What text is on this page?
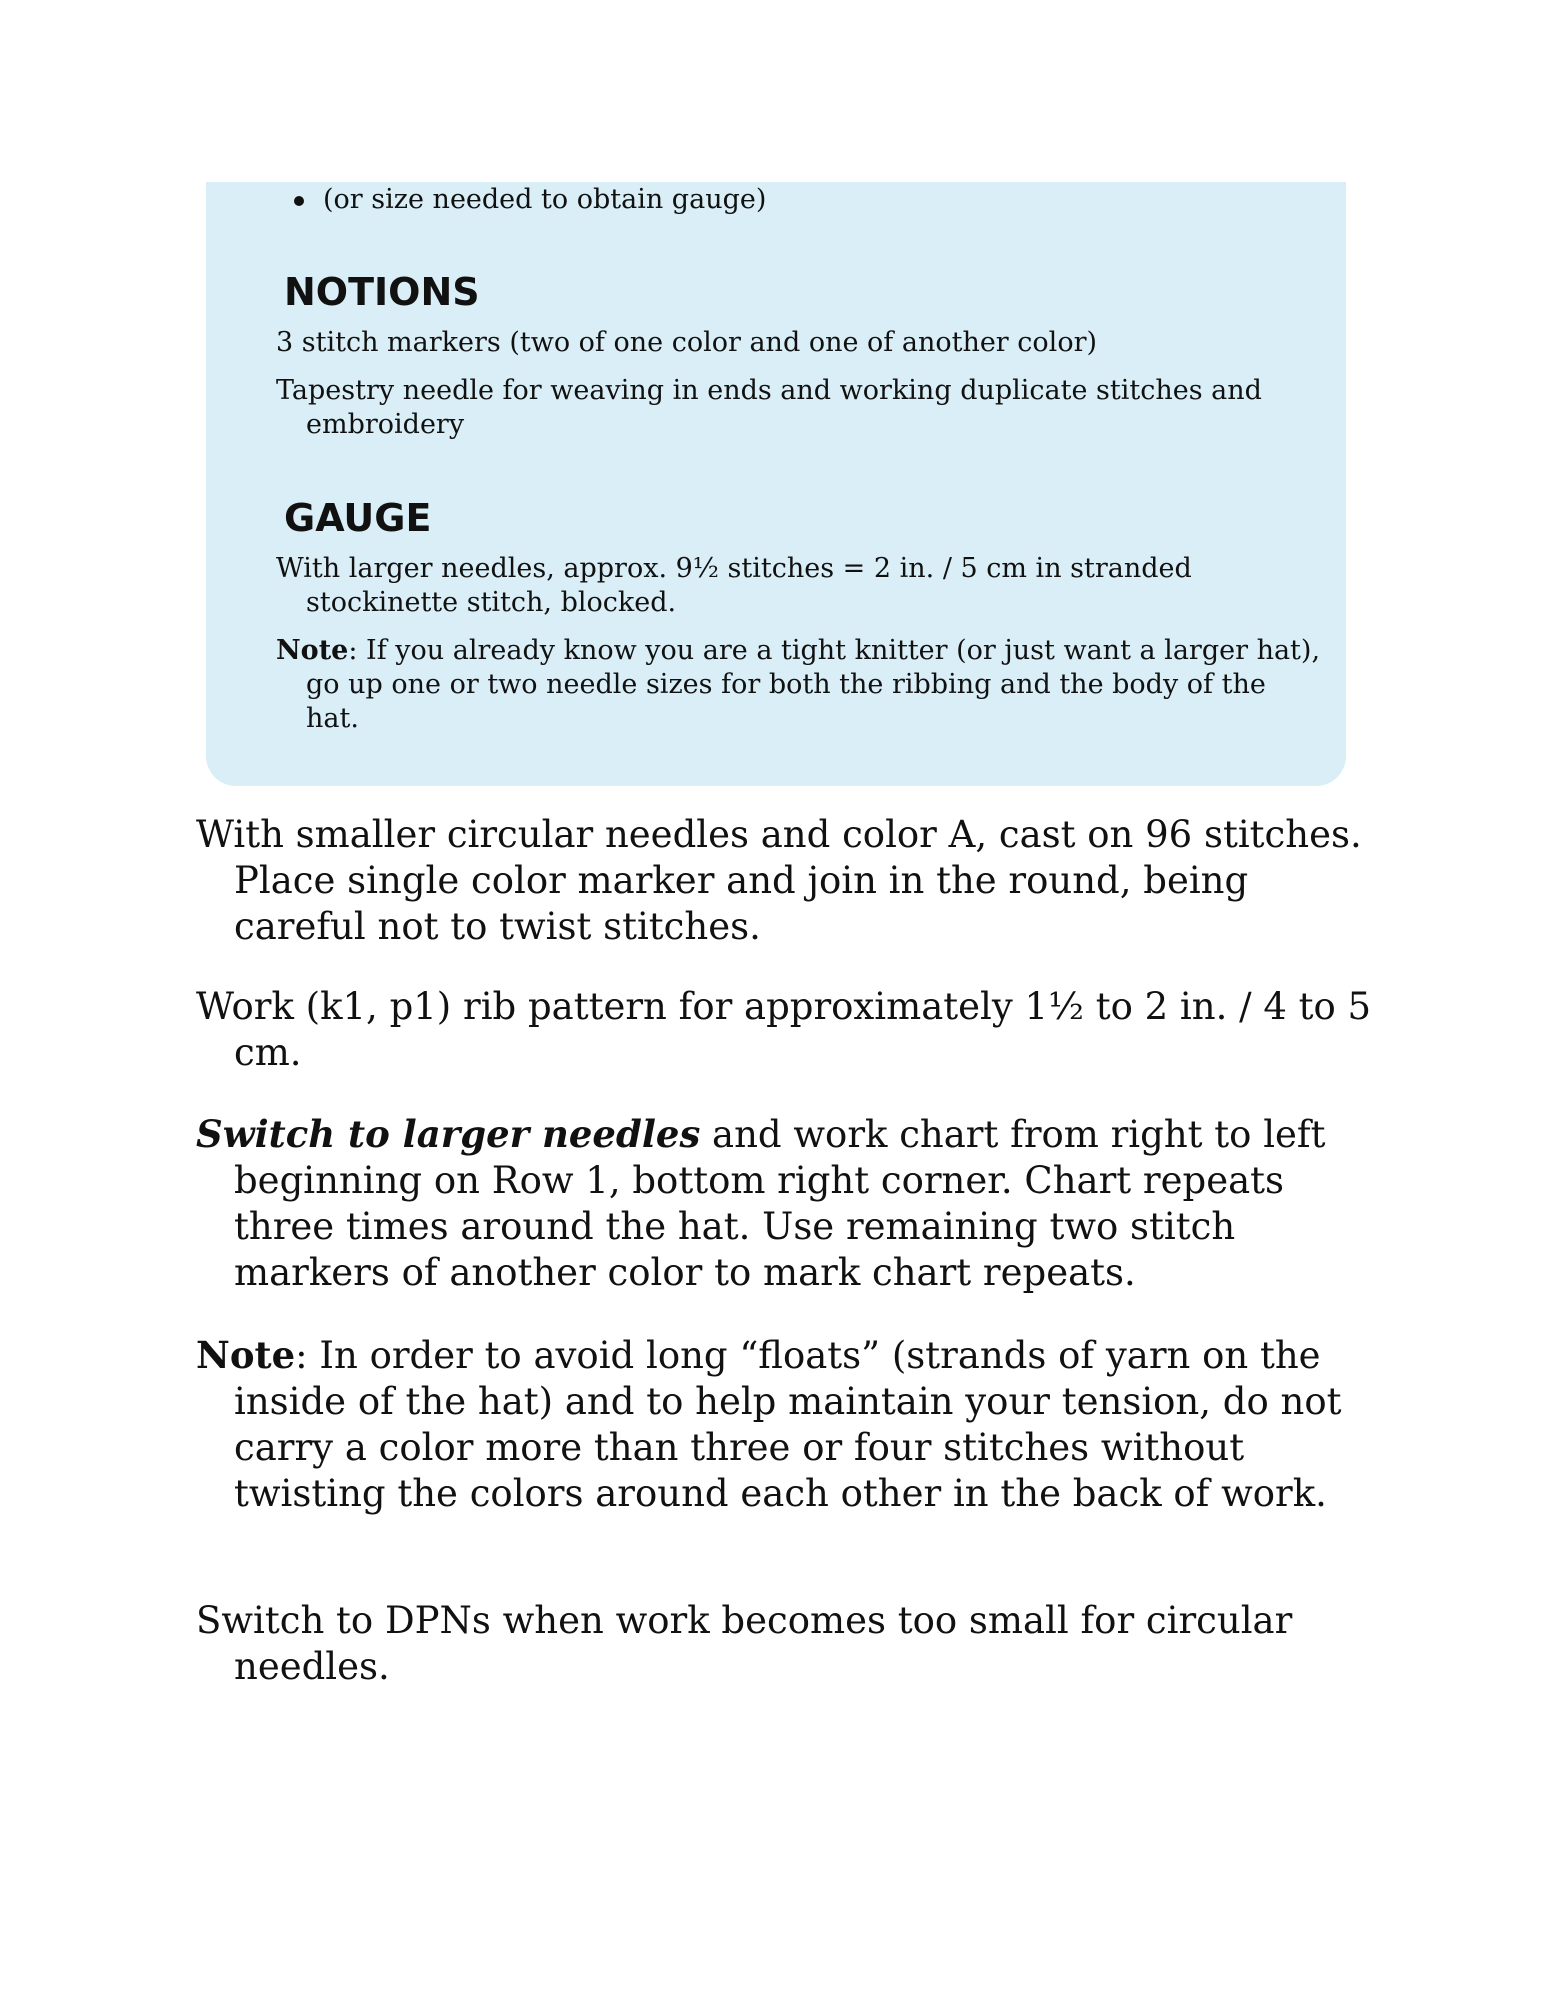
(or size needed to obtain gauge)
NOTIONS
3 stitch markers (two of one color and one of another color)
Tapestry needle for weaving in ends and working duplicate stitches and embroidery
GAUGE
With larger needles, approx. 9½ stitches = 2 in. / 5 cm in stranded stockinette stitch, blocked.
Note: If you already know you are a tight knitter (or just want a larger hat), go up one or two needle sizes for both the ribbing and the body of the hat.
With smaller circular needles and color A, cast on 96 stitches. Place single color marker and join in the round, being careful not to twist stitches.
Work (k1, p1) rib pattern for approximately 1½ to 2 in. / 4 to 5 cm.
Switch to larger needles and work chart from right to left beginning on Row 1, bottom right corner. Chart repeats three times around the hat. Use remaining two stitch markers of another color to mark chart repeats.
Note: In order to avoid long “floats” (strands of yarn on the inside of the hat) and to help maintain your tension, do not carry a color more than three or four stitches without twisting the colors around each other in the back of work.
Switch to DPNs when work becomes too small for circular needles.
